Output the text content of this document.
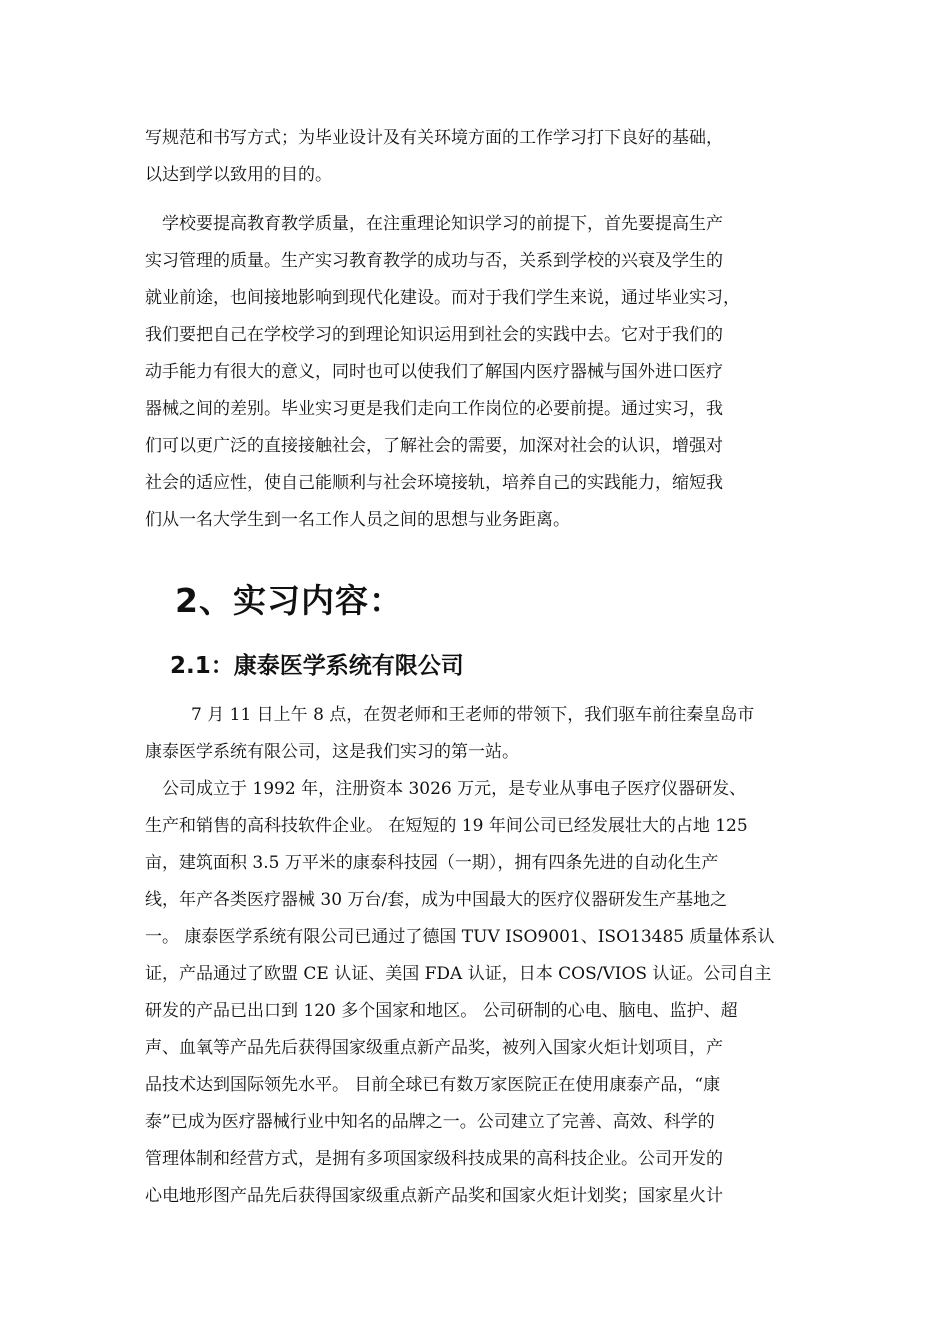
写规范和书写方式；为毕业设计及有关环境方面的工作学习打下良好的基础，
以达到学以致用的目的。

学校要提高教育教学质量，在注重理论知识学习的前提下，首先要提高生产
实习管理的质量。生产实习教育教学的成功与否，关系到学校的兴衰及学生的
就业前途，也间接地影响到现代化建设。而对于我们学生来说，通过毕业实习，
我们要把自己在学校学习的到理论知识运用到社会的实践中去。它对于我们的
动手能力有很大的意义，同时也可以使我们了解国内医疗器械与国外进口医疗
器械之间的差别。毕业实习更是我们走向工作岗位的必要前提。通过实习，我
们可以更广泛的直接接触社会，了解社会的需要，加深对社会的认识，增强对
社会的适应性，使自己能顺利与社会环境接轨，培养自己的实践能力，缩短我
们从一名大学生到一名工作人员之间的思想与业务距离。

2、实习内容：
2.1：康泰医学系统有限公司

7 月 11 日上午 8 点，在贺老师和王老师的带领下，我们驱车前往秦皇岛市
康泰医学系统有限公司，这是我们实习的第一站。

公司成立于 1992 年，注册资本 3026 万元，是专业从事电子医疗仪器研发、
生产和销售的高科技软件企业。 在短短的 19 年间公司已经发展壮大的占地 125
亩，建筑面积 3.5 万平米的康泰科技园（一期），拥有四条先进的自动化生产
线，年产各类医疗器械 30 万台/套，成为中国最大的医疗仪器研发生产基地之
一。 康泰医学系统有限公司已通过了德国 TUV ISO9001、ISO13485 质量体系认
证，产品通过了欧盟 CE 认证、美国 FDA 认证，日本 COS/VIOS 认证。公司自主
研发的产品已出口到 120 多个国家和地区。 公司研制的心电、脑电、监护、超
声、血氧等产品先后获得国家级重点新产品奖，被列入国家火炬计划项目，产
品技术达到国际领先水平。 目前全球已有数万家医院正在使用康泰产品，“康
泰”已成为医疗器械行业中知名的品牌之一。公司建立了完善、高效、科学的
管理体制和经营方式，是拥有多项国家级科技成果的高科技企业。公司开发的
心电地形图产品先后获得国家级重点新产品奖和国家火炬计划奖；国家星火计
